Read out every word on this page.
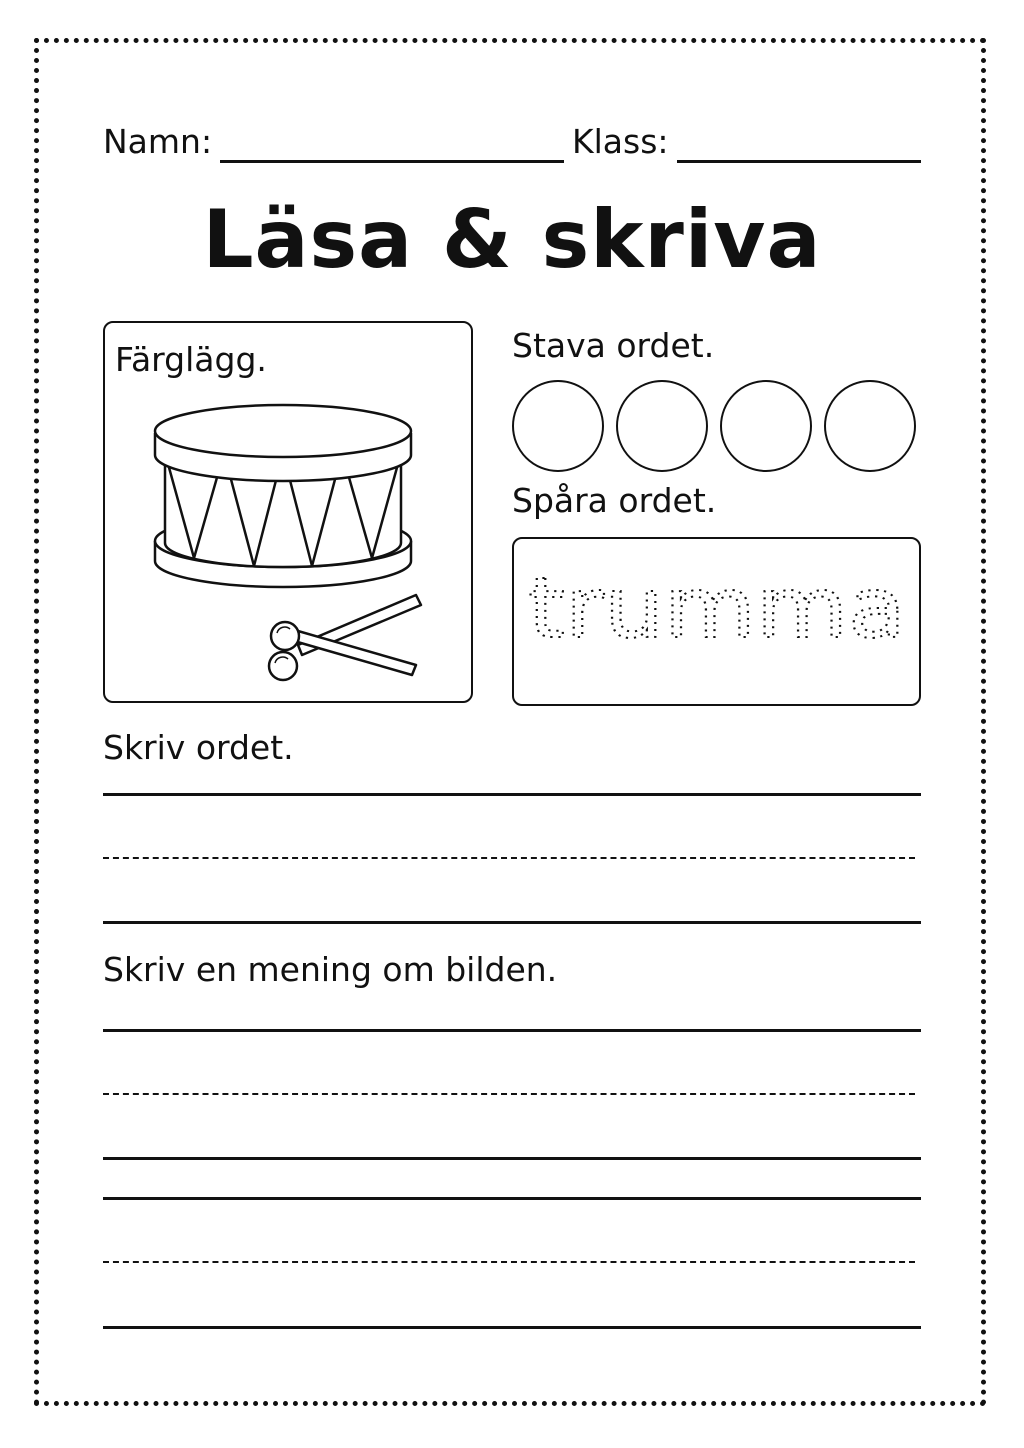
Namn:	Klass:
Läsa & skriva
Färglägg.	Stava ordet.
Spåra ordet.
trumma
Skriv ordet.
Skriv en mening om bilden.
